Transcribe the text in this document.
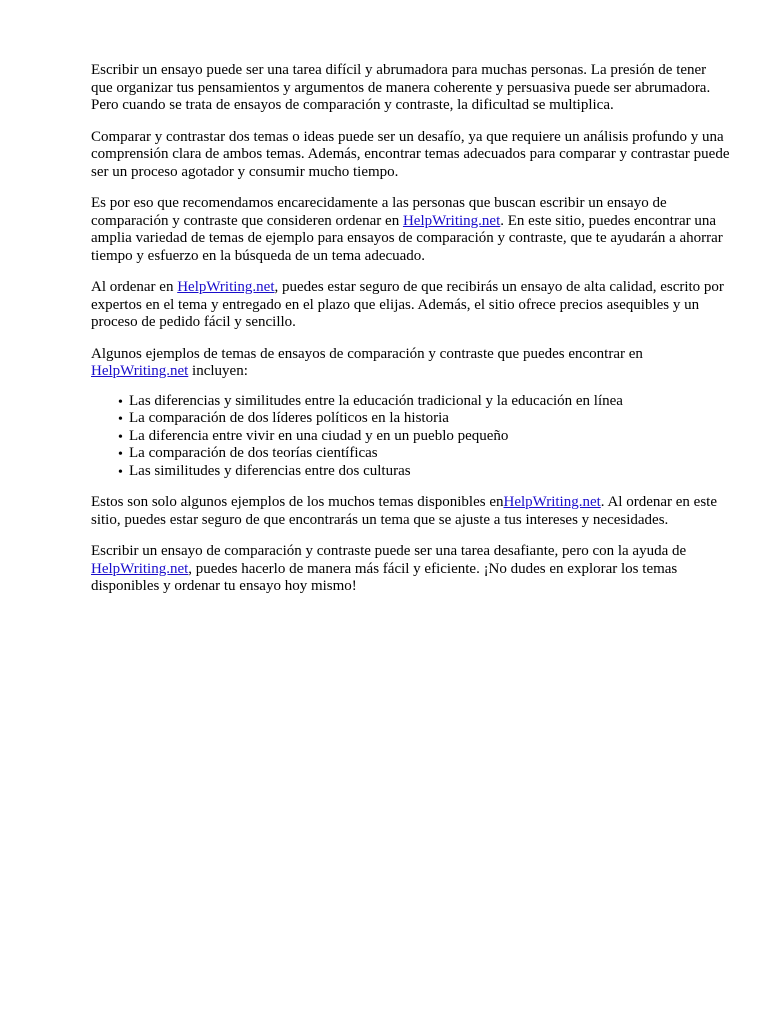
Escribir un ensayo puede ser una tarea difícil y abrumadora para muchas personas. La presión de tener que organizar tus pensamientos y argumentos de manera coherente y persuasiva puede ser abrumadora. Pero cuando se trata de ensayos de comparación y contraste, la dificultad se multiplica.

Comparar y contrastar dos temas o ideas puede ser un desafío, ya que requiere un análisis profundo y una comprensión clara de ambos temas. Además, encontrar temas adecuados para comparar y contrastar puede ser un proceso agotador y consumir mucho tiempo.

Es por eso que recomendamos encarecidamente a las personas que buscan escribir un ensayo de comparación y contraste que consideren ordenar en HelpWriting.net. En este sitio, puedes encontrar una amplia variedad de temas de ejemplo para ensayos de comparación y contraste, que te ayudarán a ahorrar tiempo y esfuerzo en la búsqueda de un tema adecuado.

Al ordenar en HelpWriting.net, puedes estar seguro de que recibirás un ensayo de alta calidad, escrito por expertos en el tema y entregado en el plazo que elijas. Además, el sitio ofrece precios asequibles y un proceso de pedido fácil y sencillo.

Algunos ejemplos de temas de ensayos de comparación y contraste que puedes encontrar en HelpWriting.net incluyen:

• Las diferencias y similitudes entre la educación tradicional y la educación en línea
• La comparación de dos líderes políticos en la historia
• La diferencia entre vivir en una ciudad y en un pueblo pequeño
• La comparación de dos teorías científicas
• Las similitudes y diferencias entre dos culturas

Estos son solo algunos ejemplos de los muchos temas disponibles enHelpWriting.net. Al ordenar en este sitio, puedes estar seguro de que encontrarás un tema que se ajuste a tus intereses y necesidades.

Escribir un ensayo de comparación y contraste puede ser una tarea desafiante, pero con la ayuda de HelpWriting.net, puedes hacerlo de manera más fácil y eficiente. ¡No dudes en explorar los temas disponibles y ordenar tu ensayo hoy mismo!
